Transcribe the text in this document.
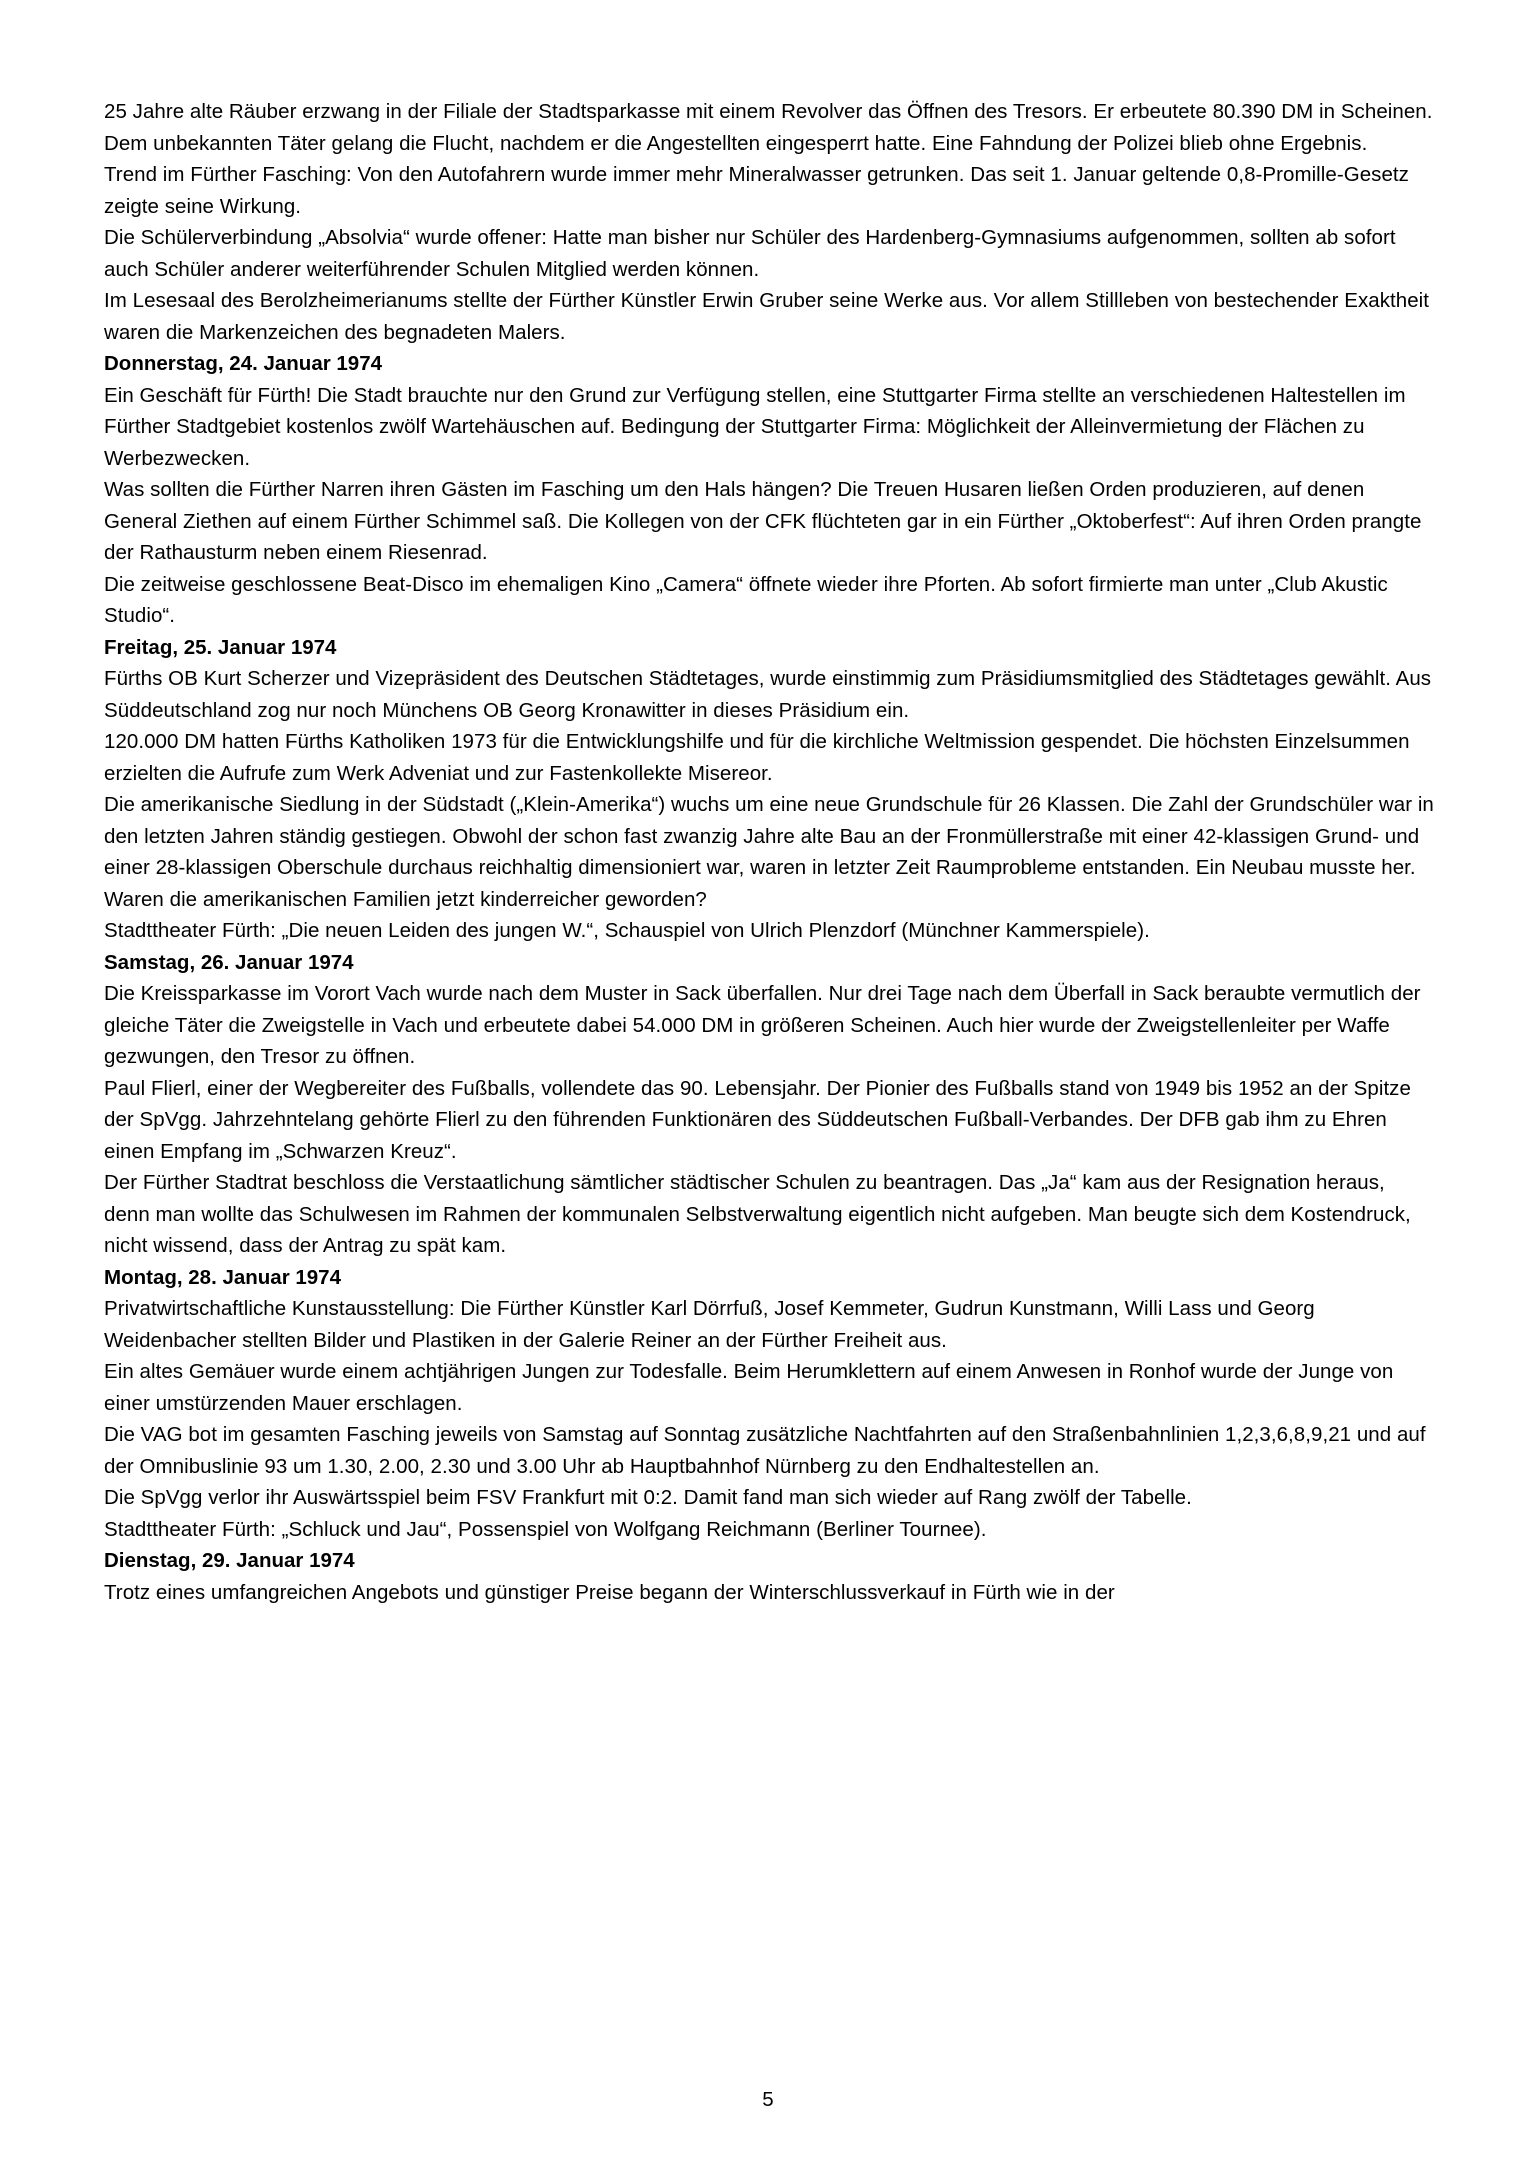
25 Jahre alte Räuber erzwang in der Filiale der Stadtsparkasse mit einem Revolver das Öffnen des Tresors. Er erbeutete 80.390 DM in Scheinen. Dem unbekannten Täter gelang die Flucht, nachdem er die Angestellten eingesperrt hatte. Eine Fahndung der Polizei blieb ohne Ergebnis.

Trend im Fürther Fasching: Von den Autofahrern wurde immer mehr Mineralwasser getrunken. Das seit 1. Januar geltende 0,8-Promille-Gesetz zeigte seine Wirkung.

Die Schülerverbindung „Absolvia“ wurde offener: Hatte man bisher nur Schüler des Hardenberg-Gymnasiums aufgenommen, sollten ab sofort auch Schüler anderer weiterführender Schulen Mitglied werden können.

Im Lesesaal des Berolzheimerianums stellte der Fürther Künstler Erwin Gruber seine Werke aus. Vor allem Stillleben von bestechender Exaktheit waren die Markenzeichen des begnadeten Malers.

Donnerstag, 24. Januar 1974

Ein Geschäft für Fürth! Die Stadt brauchte nur den Grund zur Verfügung stellen, eine Stuttgarter Firma stellte an verschiedenen Haltestellen im Fürther Stadtgebiet kostenlos zwölf Wartehäuschen auf. Bedingung der Stuttgarter Firma: Möglichkeit der Alleinvermietung der Flächen zu Werbezwecken.

Was sollten die Fürther Narren ihren Gästen im Fasching um den Hals hängen? Die Treuen Husaren ließen Orden produzieren, auf denen General Ziethen auf einem Fürther Schimmel saß. Die Kollegen von der CFK flüchteten gar in ein Fürther „Oktoberfest“: Auf ihren Orden prangte der Rathausturm neben einem Riesenrad.

Die zeitweise geschlossene Beat-Disco im ehemaligen Kino „Camera“ öffnete wieder ihre Pforten. Ab sofort firmierte man unter „Club Akustic Studio“.

Freitag, 25. Januar 1974

Fürths OB Kurt Scherzer und Vizepräsident des Deutschen Städtetages, wurde einstimmig zum Präsidiumsmitglied des Städtetages gewählt. Aus Süddeutschland zog nur noch Münchens OB Georg Kronawitter in dieses Präsidium ein.

120.000 DM hatten Fürths Katholiken 1973 für die Entwicklungshilfe und für die kirchliche Weltmission gespendet. Die höchsten Einzelsummen erzielten die Aufrufe zum Werk Adveniat und zur Fastenkollekte Misereor.

Die amerikanische Siedlung in der Südstadt („Klein-Amerika“) wuchs um eine neue Grundschule für 26 Klassen. Die Zahl der Grundschüler war in den letzten Jahren ständig gestiegen. Obwohl der schon fast zwanzig Jahre alte Bau an der Fronmüllerstraße mit einer 42-klassigen Grund- und einer 28-klassigen Oberschule durchaus reichhaltig dimensioniert war, waren in letzter Zeit Raumprobleme entstanden. Ein Neubau musste her. Waren die amerikanischen Familien jetzt kinderreicher geworden?

Stadttheater Fürth: „Die neuen Leiden des jungen W.“, Schauspiel von Ulrich Plenzdorf (Münchner Kammerspiele).

Samstag, 26. Januar 1974

Die Kreissparkasse im Vorort Vach wurde nach dem Muster in Sack überfallen. Nur drei Tage nach dem Überfall in Sack beraubte vermutlich der gleiche Täter die Zweigstelle in Vach und erbeutete dabei 54.000 DM in größeren Scheinen. Auch hier wurde der Zweigstellenleiter per Waffe gezwungen, den Tresor zu öffnen.

Paul Flierl, einer der Wegbereiter des Fußballs, vollendete das 90. Lebensjahr. Der Pionier des Fußballs stand von 1949 bis 1952 an der Spitze der SpVgg. Jahrzehntelang gehörte Flierl zu den führenden Funktionären des Süddeutschen Fußball-Verbandes. Der DFB gab ihm zu Ehren einen Empfang im „Schwarzen Kreuz“.

Der Fürther Stadtrat beschloss die Verstaatlichung sämtlicher städtischer Schulen zu beantragen. Das „Ja“ kam aus der Resignation heraus, denn man wollte das Schulwesen im Rahmen der kommunalen Selbstverwaltung eigentlich nicht aufgeben. Man beugte sich dem Kostendruck, nicht wissend, dass der Antrag zu spät kam.

Montag, 28. Januar 1974

Privatwirtschaftliche Kunstausstellung: Die Fürther Künstler Karl Dörrfuß, Josef Kemmeter, Gudrun Kunstmann, Willi Lass und Georg Weidenbacher stellten Bilder und Plastiken in der Galerie Reiner an der Fürther Freiheit aus.

Ein altes Gemäuer wurde einem achtjährigen Jungen zur Todesfalle. Beim Herumklettern auf einem Anwesen in Ronhof wurde der Junge von einer umstürzenden Mauer erschlagen.

Die VAG bot im gesamten Fasching jeweils von Samstag auf Sonntag zusätzliche Nachtfahrten auf den Straßenbahnlinien 1,2,3,6,8,9,21 und auf der Omnibuslinie 93 um 1.30, 2.00, 2.30 und 3.00 Uhr ab Hauptbahnhof Nürnberg zu den Endhaltestellen an.

Die SpVgg verlor ihr Auswärtsspiel beim FSV Frankfurt mit 0:2. Damit fand man sich wieder auf Rang zwölf der Tabelle.

Stadttheater Fürth: „Schluck und Jau“, Possenspiel von Wolfgang Reichmann (Berliner Tournee).

Dienstag, 29. Januar 1974

Trotz eines umfangreichen Angebots und günstiger Preise begann der Winterschlussverkauf in Fürth wie in der

5
